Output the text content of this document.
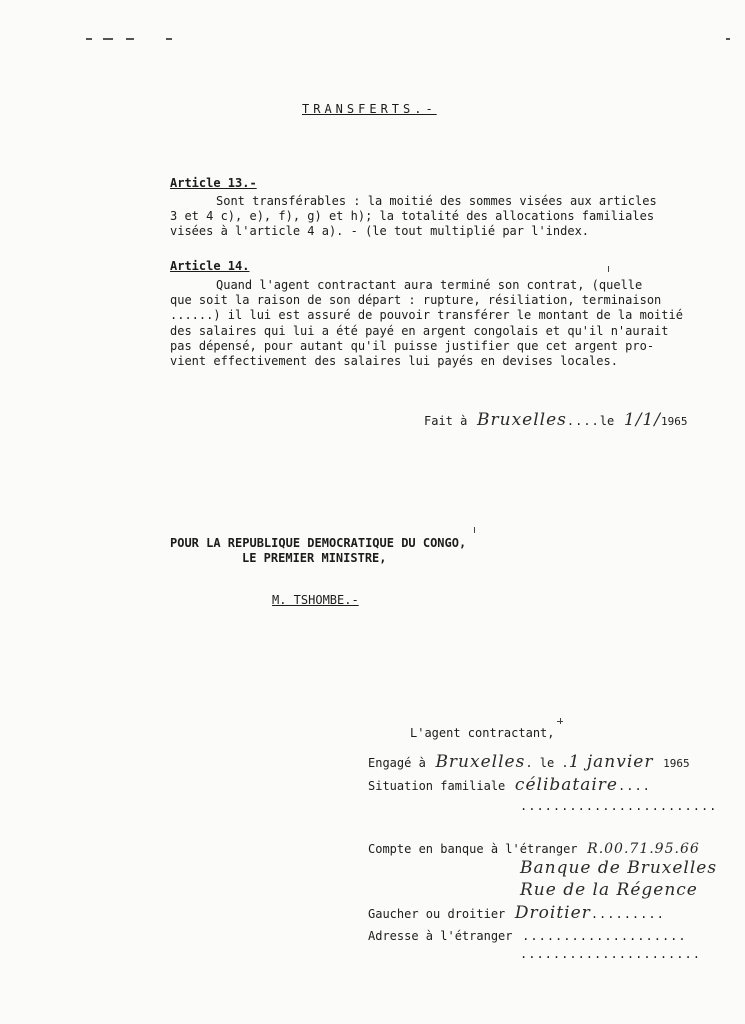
TRANSFERTS.-
Article 13.-
Sont transférables : la moitié des sommes visées aux articles
3 et 4 c), e), f), g) et h); la totalité des allocations familiales
visées à l'article 4 a). - (le tout multiplié par l'index.
Article 14.
Quand l'agent contractant aura terminé son contrat, (quelle
que soit la raison de son départ : rupture, résiliation, terminaison
......) il lui est assuré de pouvoir transférer le montant de la moitié
des salaires qui lui a été payé en argent congolais et qu'il n'aurait
pas dépensé, pour autant qu'il puisse justifier que cet argent pro-
vient effectivement des salaires lui payés en devises locales.
Fait à Bruxelles....le 1/1/1965
POUR LA REPUBLIQUE DEMOCRATIQUE DU CONGO,
LE PREMIER MINISTRE,
M. TSHOMBE.-
L'agent contractant,
Engagé à Bruxelles. le .1 janvier 1965
Situation familiale célibataire....
........................
Compte en banque à l'étranger R.00.71.95.66
Banque de Bruxelles
Rue de la Régence
Gaucher ou droitier Droitier.........
Adresse à l'étranger ....................
......................
